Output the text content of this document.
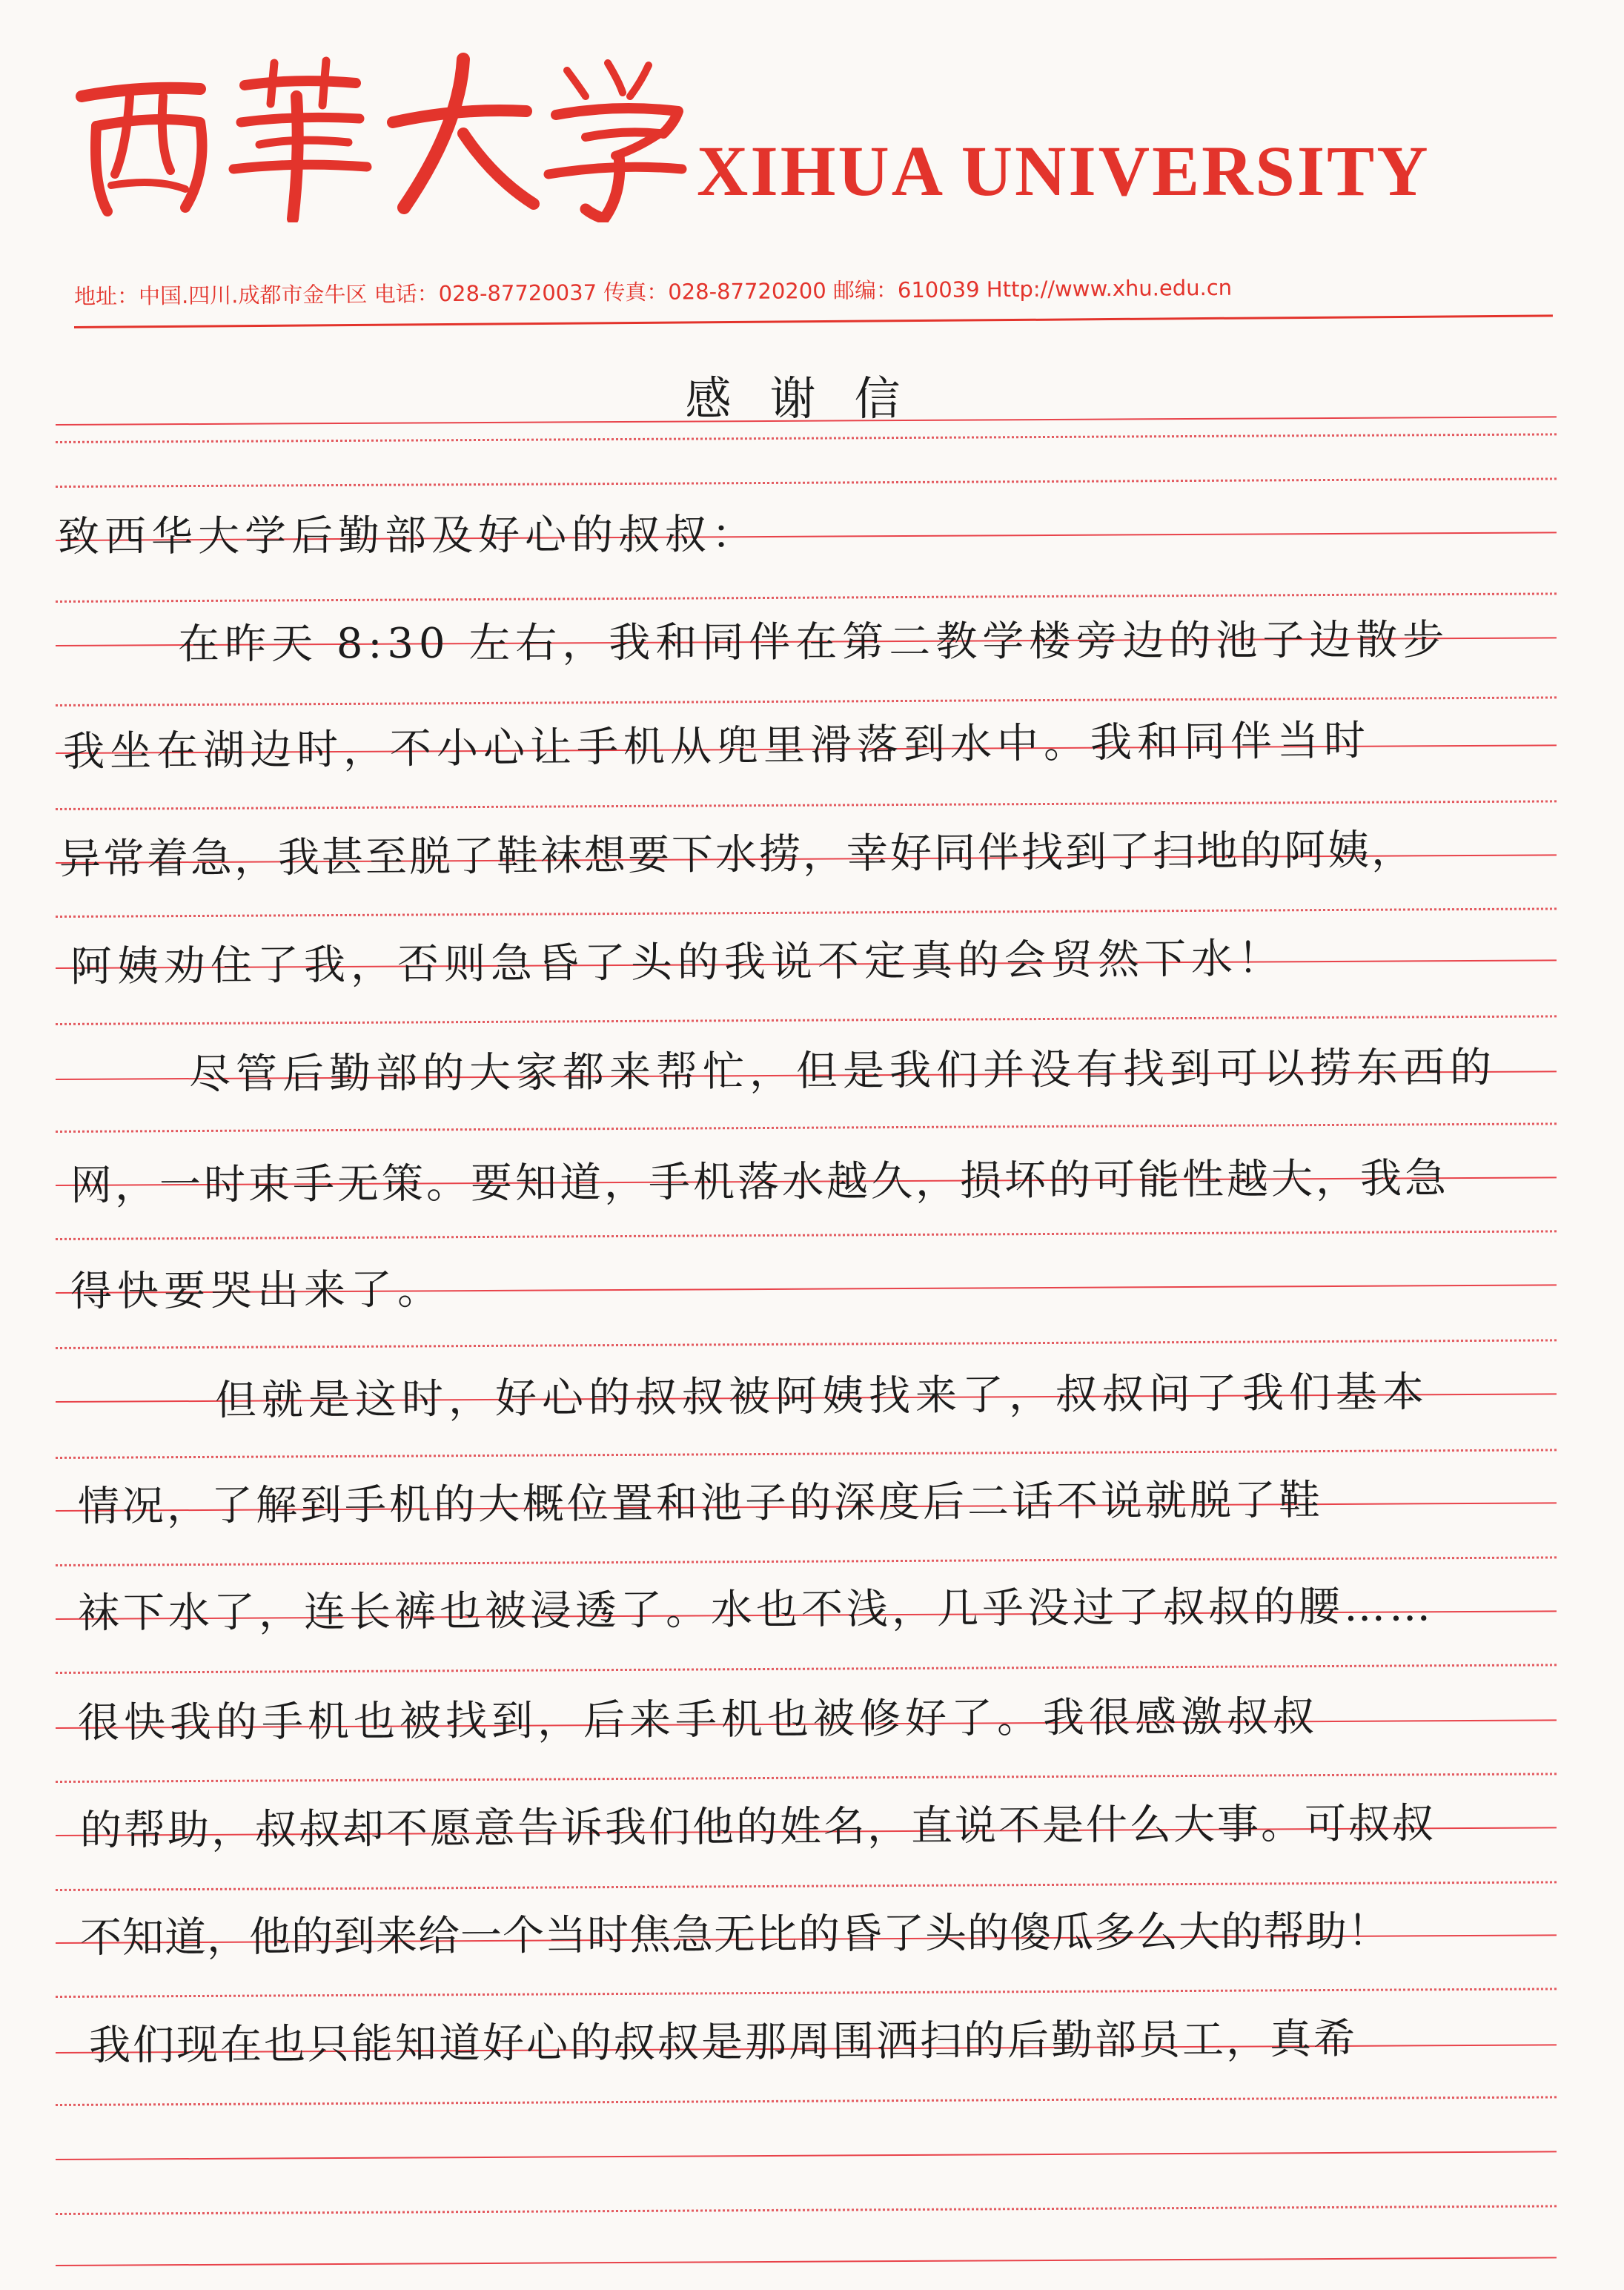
XIHUA UNIVERSITY
地址：中国.四川.成都市金牛区 电话：028-87720037 传真：028-87720200 邮编：610039 Http://www.xhu.edu.cn
感谢信
致西华大学后勤部及好心的叔叔：
在昨天 8:30 左右，我和同伴在第二教学楼旁边的池子边散步
我坐在湖边时，不小心让手机从兜里滑落到水中。我和同伴当时
异常着急，我甚至脱了鞋袜想要下水捞，幸好同伴找到了扫地的阿姨，
阿姨劝住了我，否则急昏了头的我说不定真的会贸然下水！
尽管后勤部的大家都来帮忙，但是我们并没有找到可以捞东西的
网，一时束手无策。要知道，手机落水越久，损坏的可能性越大，我急
得快要哭出来了。
但就是这时，好心的叔叔被阿姨找来了，叔叔问了我们基本
情况，了解到手机的大概位置和池子的深度后二话不说就脱了鞋
袜下水了，连长裤也被浸透了。水也不浅，几乎没过了叔叔的腰……
很快我的手机也被找到，后来手机也被修好了。我很感激叔叔
的帮助，叔叔却不愿意告诉我们他的姓名，直说不是什么大事。可叔叔
不知道，他的到来给一个当时焦急无比的昏了头的傻瓜多么大的帮助！
我们现在也只能知道好心的叔叔是那周围洒扫的后勤部员工，真希
